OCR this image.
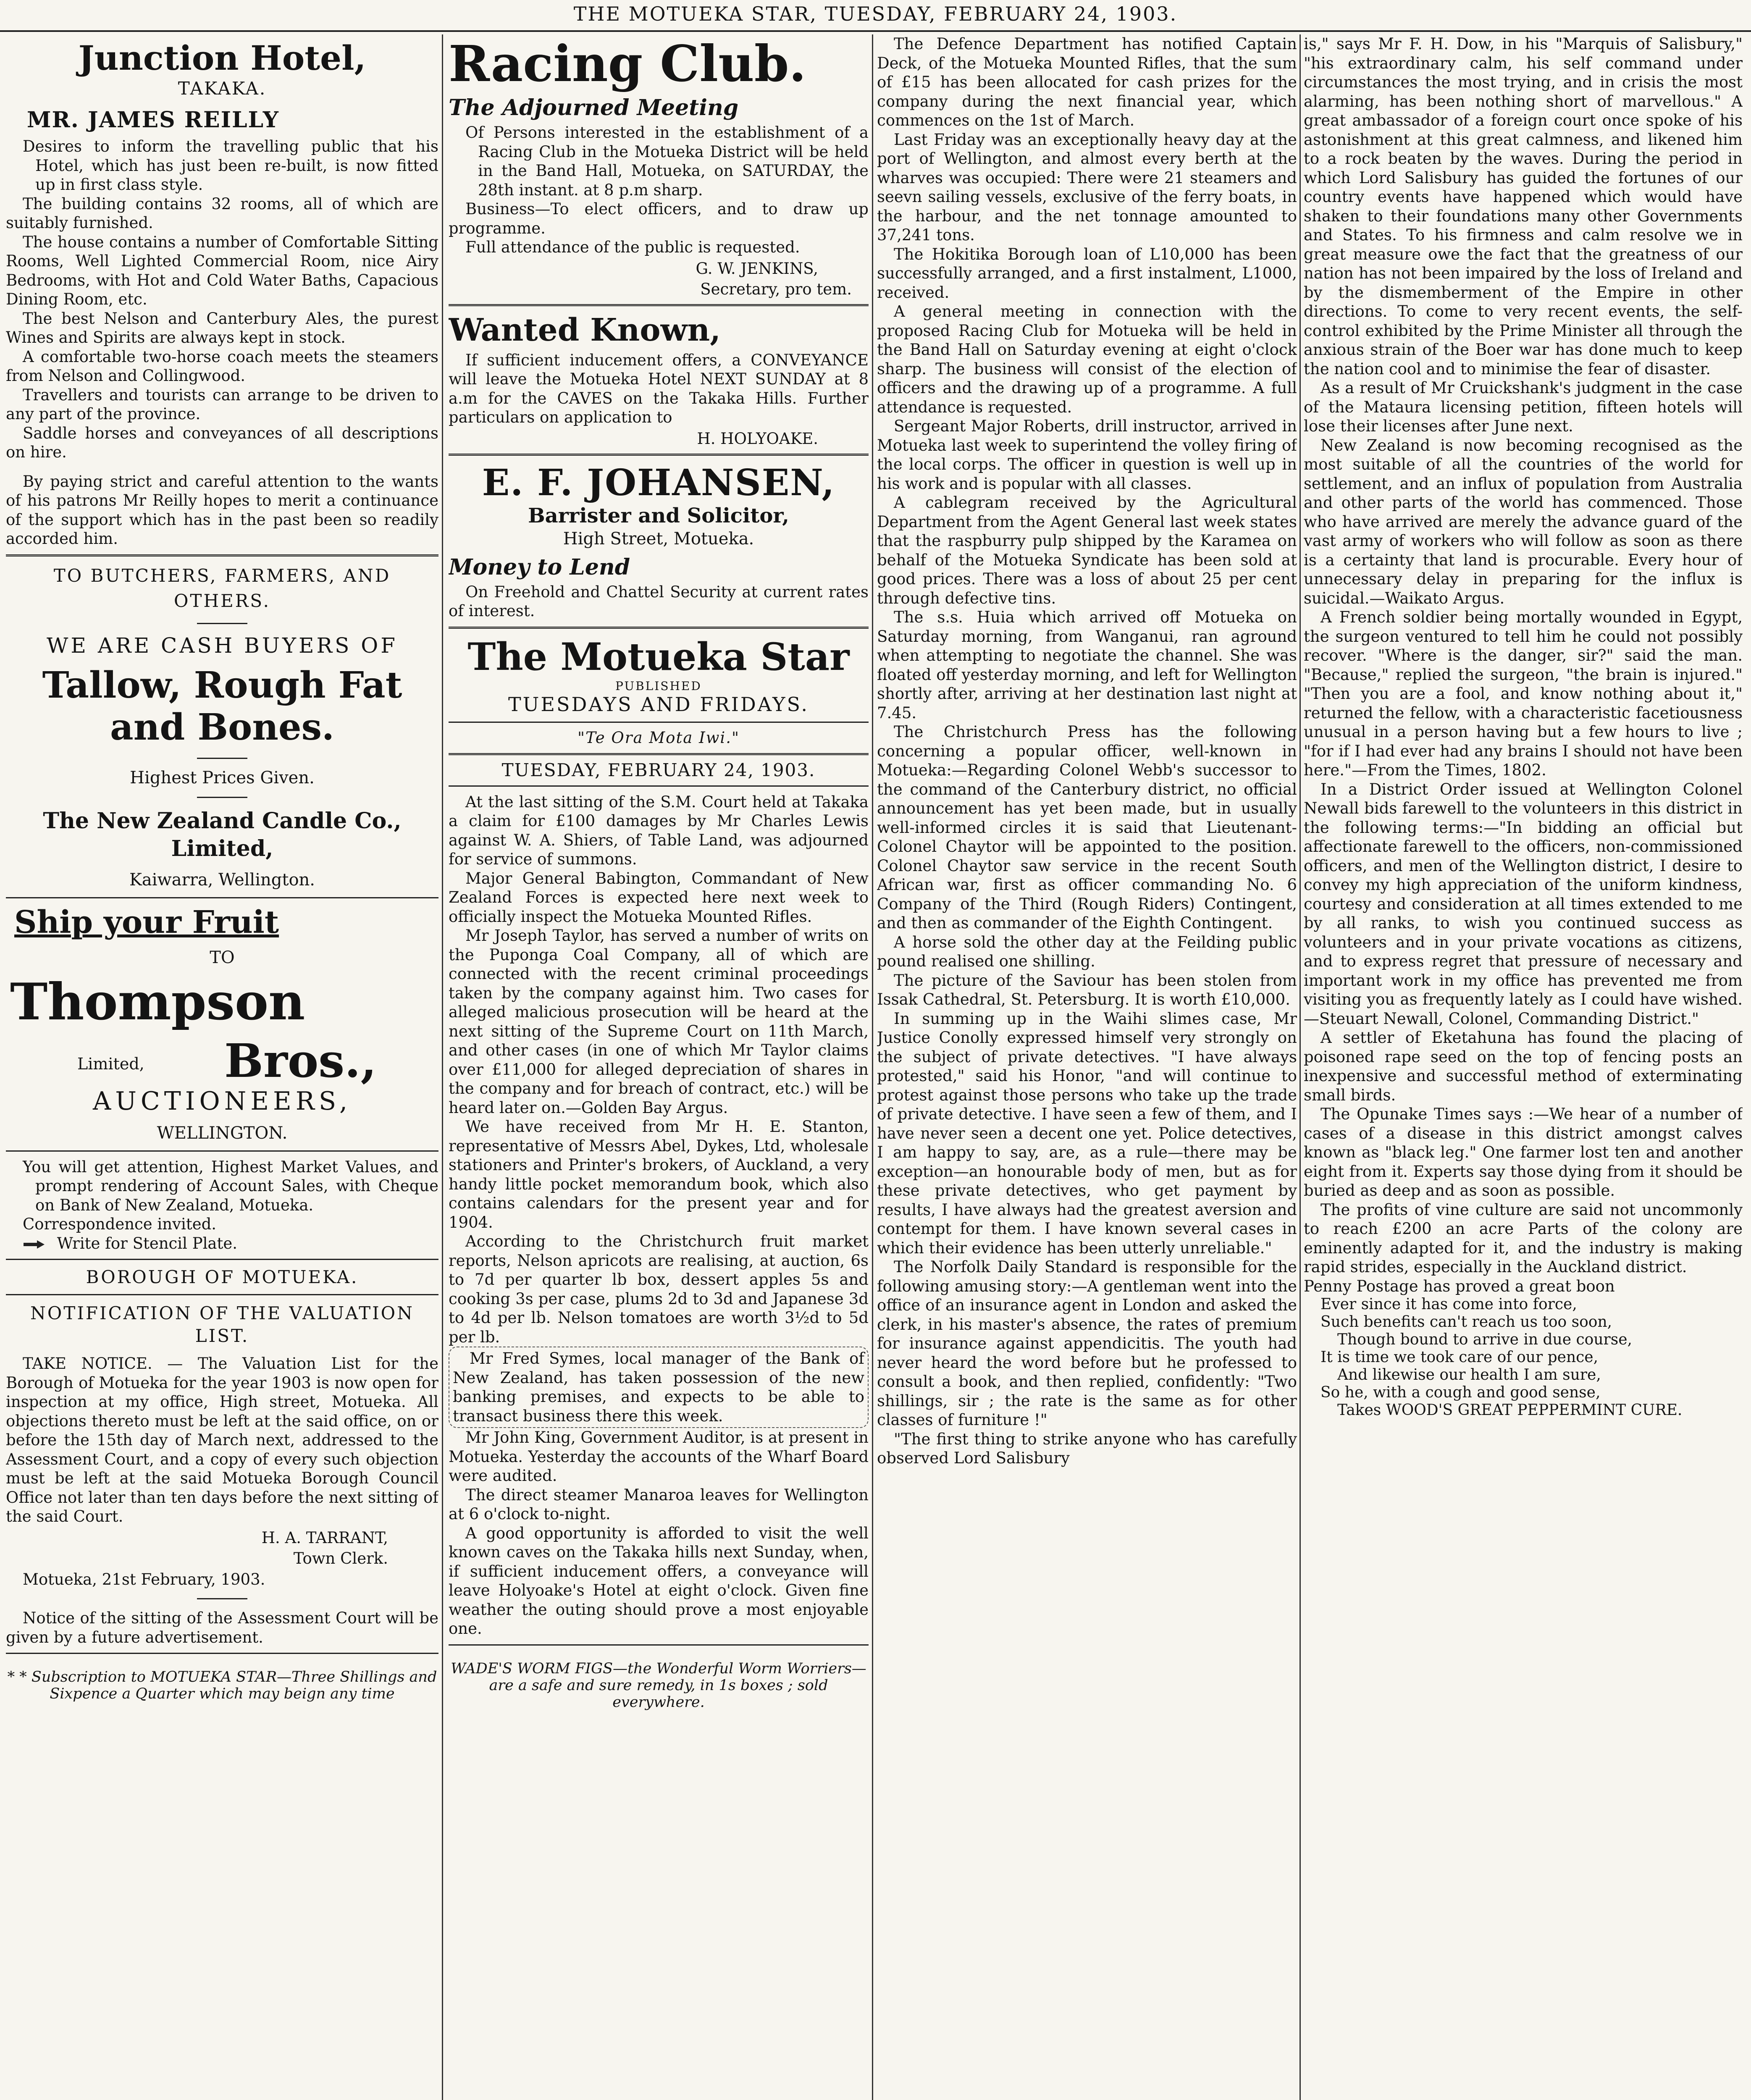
THE MOTUEKA STAR, TUESDAY, FEBRUARY 24, 1903.
Junction Hotel,
TAKAKA.
MR. JAMES REILLY

Desires to inform the travelling public that his Hotel, which has just been re-built, is now fitted up in first class style.

The building contains 32 rooms, all of which are suitably furnished.

The house contains a number of Comfortable Sitting Rooms, Well Lighted Commercial Room, nice Airy Bedrooms, with Hot and Cold Water Baths, Capacious Dining Room, etc.

The best Nelson and Canterbury Ales, the purest Wines and Spirits are always kept in stock.

A comfortable two-horse coach meets the steamers from Nelson and Collingwood.

Travellers and tourists can arrange to be driven to any part of the province.

Saddle horses and conveyances of all descriptions on hire.

By paying strict and careful attention to the wants of his patrons Mr Reilly hopes to merit a continuance of the support which has in the past been so readily accorded him.

TO BUTCHERS, FARMERS, AND OTHERS.
WE ARE CASH BUYERS OF
Tallow, Rough Fat and Bones.
Highest Prices Given.
The New Zealand Candle Co., Limited,
Kaiwarra, Wellington.
Ship your Fruit
TO
Thompson
Limited, Bros.,
AUCTIONEERS,
WELLINGTON.

You will get attention, Highest Market Values, and prompt rendering of Account Sales, with Cheque on Bank of New Zealand, Motueka.

Correspondence invited.

Write for Stencil Plate.

BOROUGH OF MOTUEKA.
NOTIFICATION OF THE VALUATION LIST.

TAKE NOTICE. — The Valuation List for the Borough of Motueka for the year 1903 is now open for inspection at my office, High street, Motueka. All objections thereto must be left at the said office, on or before the 15th day of March next, addressed to the Assessment Court, and a copy of every such objection must be left at the said Motueka Borough Council Office not later than ten days before the next sitting of the said Court.

H. A. TARRANT,
Town Clerk.

Motueka, 21st February, 1903.

Notice of the sitting of the Assessment Court will be given by a future advertisement.

* * Subscription to MOTUEKA STAR—Three Shillings and Sixpence a Quarter which may beign any time

Racing Club.
The Adjourned Meeting

Of Persons interested in the establishment of a Racing Club in the Motueka District will be held in the Band Hall, Motueka, on SATURDAY, the 28th instant. at 8 p.m sharp.

Business—To elect officers, and to draw up programme.

Full attendance of the public is requested.

G. W. JENKINS,
Secretary, pro tem.
Wanted Known,

If sufficient inducement offers, a CONVEYANCE will leave the Motueka Hotel NEXT SUNDAY at 8 a.m for the CAVES on the Takaka Hills. Further particulars on application to

H. HOLYOAKE.
E. F. JOHANSEN,
Barrister and Solicitor,
High Street, Motueka.
Money to Lend

On Freehold and Chattel Security at current rates of interest.

The Motueka Star
PUBLISHED
TUESDAYS AND FRIDAYS.
"Te Ora Mota Iwi."
TUESDAY, FEBRUARY 24, 1903.

At the last sitting of the S.M. Court held at Takaka a claim for £100 damages by Mr Charles Lewis against W. A. Shiers, of Table Land, was adjourned for service of summons.

Major General Babington, Commandant of New Zealand Forces is expected here next week to officially inspect the Motueka Mounted Rifles.

Mr Joseph Taylor, has served a number of writs on the Puponga Coal Company, all of which are connected with the recent criminal proceedings taken by the company against him. Two cases for alleged malicious prosecution will be heard at the next sitting of the Supreme Court on 11th March, and other cases (in one of which Mr Taylor claims over £11,000 for alleged depreciation of shares in the company and for breach of contract, etc.) will be heard later on.—Golden Bay Argus.

We have received from Mr H. E. Stanton, representative of Messrs Abel, Dykes, Ltd, wholesale stationers and Printer's brokers, of Auckland, a very handy little pocket memorandum book, which also contains calendars for the present year and for 1904.

According to the Christchurch fruit market reports, Nelson apricots are realising, at auction, 6s to 7d per quarter lb box, dessert apples 5s and cooking 3s per case, plums 2d to 3d and Japanese 3d to 4d per lb. Nelson tomatoes are worth 3½d to 5d per lb.

Mr Fred Symes, local manager of the Bank of New Zealand, has taken possession of the new banking premises, and expects to be able to transact business there this week.

Mr John King, Government Auditor, is at present in Motueka. Yesterday the accounts of the Wharf Board were audited.

The direct steamer Manaroa leaves for Wellington at 6 o'clock to-night.

A good opportunity is afforded to visit the well known caves on the Takaka hills next Sunday, when, if sufficient inducement offers, a conveyance will leave Holyoake's Hotel at eight o'clock. Given fine weather the outing should prove a most enjoyable one.

WADE'S WORM FIGS—the Wonderful Worm Worriers—are a safe and sure remedy, in 1s boxes ; sold everywhere.

The Defence Department has notified Captain Deck, of the Motueka Mounted Rifles, that the sum of £15 has been allocated for cash prizes for the company during the next financial year, which commences on the 1st of March.

Last Friday was an exceptionally heavy day at the port of Wellington, and almost every berth at the wharves was occupied: There were 21 steamers and seevn sailing vessels, exclusive of the ferry boats, in the harbour, and the net tonnage amounted to 37,241 tons.

The Hokitika Borough loan of L10,000 has been successfully arranged, and a first instalment, L1000, received.

A general meeting in connection with the proposed Racing Club for Motueka will be held in the Band Hall on Saturday evening at eight o'clock sharp. The business will consist of the election of officers and the drawing up of a programme. A full attendance is requested.

Sergeant Major Roberts, drill instructor, arrived in Motueka last week to superintend the volley firing of the local corps. The officer in question is well up in his work and is popular with all classes.

A cablegram received by the Agricultural Department from the Agent General last week states that the raspburry pulp shipped by the Karamea on behalf of the Motueka Syndicate has been sold at good prices. There was a loss of about 25 per cent through defective tins.

The s.s. Huia which arrived off Motueka on Saturday morning, from Wanganui, ran aground when attempting to negotiate the channel. She was floated off yesterday morning, and left for Wellington shortly after, arriving at her destination last night at 7.45.

The Christchurch Press has the following concerning a popular officer, well-known in Motueka:—Regarding Colonel Webb's successor to the command of the Canterbury district, no official announcement has yet been made, but in usually well-informed circles it is said that Lieutenant-Colonel Chaytor will be appointed to the position. Colonel Chaytor saw service in the recent South African war, first as officer commanding No. 6 Company of the Third (Rough Riders) Contingent, and then as commander of the Eighth Contingent.

A horse sold the other day at the Feilding public pound realised one shilling.

The picture of the Saviour has been stolen from Issak Cathedral, St. Petersburg. It is worth £10,000.

In summing up in the Waihi slimes case, Mr Justice Conolly expressed himself very strongly on the subject of private detectives. "I have always protested," said his Honor, "and will continue to protest against those persons who take up the trade of private detective. I have seen a few of them, and I have never seen a decent one yet. Police detectives, I am happy to say, are, as a rule—there may be exception—an honourable body of men, but as for these private detectives, who get payment by results, I have always had the greatest aversion and contempt for them. I have known several cases in which their evidence has been utterly unreliable."

The Norfolk Daily Standard is responsible for the following amusing story:—A gentleman went into the office of an insurance agent in London and asked the clerk, in his master's absence, the rates of premium for insurance against appendicitis. The youth had never heard the word before but he professed to consult a book, and then replied, confidently: "Two shillings, sir ; the rate is the same as for other classes of furniture !"

"The first thing to strike anyone who has carefully observed Lord Salisbury

is," says Mr F. H. Dow, in his "Marquis of Salisbury," "his extraordinary calm, his self command under circumstances the most trying, and in crisis the most alarming, has been nothing short of marvellous." A great ambassador of a foreign court once spoke of his astonishment at this great calmness, and likened him to a rock beaten by the waves. During the period in which Lord Salisbury has guided the fortunes of our country events have happened which would have shaken to their foundations many other Governments and States. To his firmness and calm resolve we in great measure owe the fact that the greatness of our nation has not been impaired by the loss of Ireland and by the dismemberment of the Empire in other directions. To come to very recent events, the self-control exhibited by the Prime Minister all through the anxious strain of the Boer war has done much to keep the nation cool and to minimise the fear of disaster.

As a result of Mr Cruickshank's judgment in the case of the Mataura licensing petition, fifteen hotels will lose their licenses after June next.

New Zealand is now becoming recognised as the most suitable of all the countries of the world for settlement, and an influx of population from Australia and other parts of the world has commenced. Those who have arrived are merely the advance guard of the vast army of workers who will follow as soon as there is a certainty that land is procurable. Every hour of unnecessary delay in preparing for the influx is suicidal.—Waikato Argus.

A French soldier being mortally wounded in Egypt, the surgeon ventured to tell him he could not possibly recover. "Where is the danger, sir?" said the man. "Because," replied the surgeon, "the brain is injured." "Then you are a fool, and know nothing about it," returned the fellow, with a characteristic facetiousness unusual in a person having but a few hours to live ; "for if I had ever had any brains I should not have been here."—From the Times, 1802.

In a District Order issued at Wellington Colonel Newall bids farewell to the volunteers in this district in the following terms:—"In bidding an official but affectionate farewell to the officers, non-commissioned officers, and men of the Wellington district, I desire to convey my high appreciation of the uniform kindness, courtesy and consideration at all times extended to me by all ranks, to wish you continued success as volunteers and in your private vocations as citizens, and to express regret that pressure of necessary and important work in my office has prevented me from visiting you as frequently lately as I could have wished.—Steuart Newall, Colonel, Commanding District."

A settler of Eketahuna has found the placing of poisoned rape seed on the top of fencing posts an inexpensive and successful method of exterminating small birds.

The Opunake Times says :—We hear of a number of cases of a disease in this district amongst calves known as "black leg." One farmer lost ten and another eight from it. Experts say those dying from it should be buried as deep and as soon as possible.

The profits of vine culture are said not uncommonly to reach £200 an acre Parts of the colony are eminently adapted for it, and the industry is making rapid strides, especially in the Auckland district.

Penny Postage has proved a great boon
Ever since it has come into force,
Such benefits can't reach us too soon,
Though bound to arrive in due course,
It is time we took care of our pence,
And likewise our health I am sure,
So he, with a cough and good sense,
Takes WOOD'S GREAT PEPPERMINT CURE.
